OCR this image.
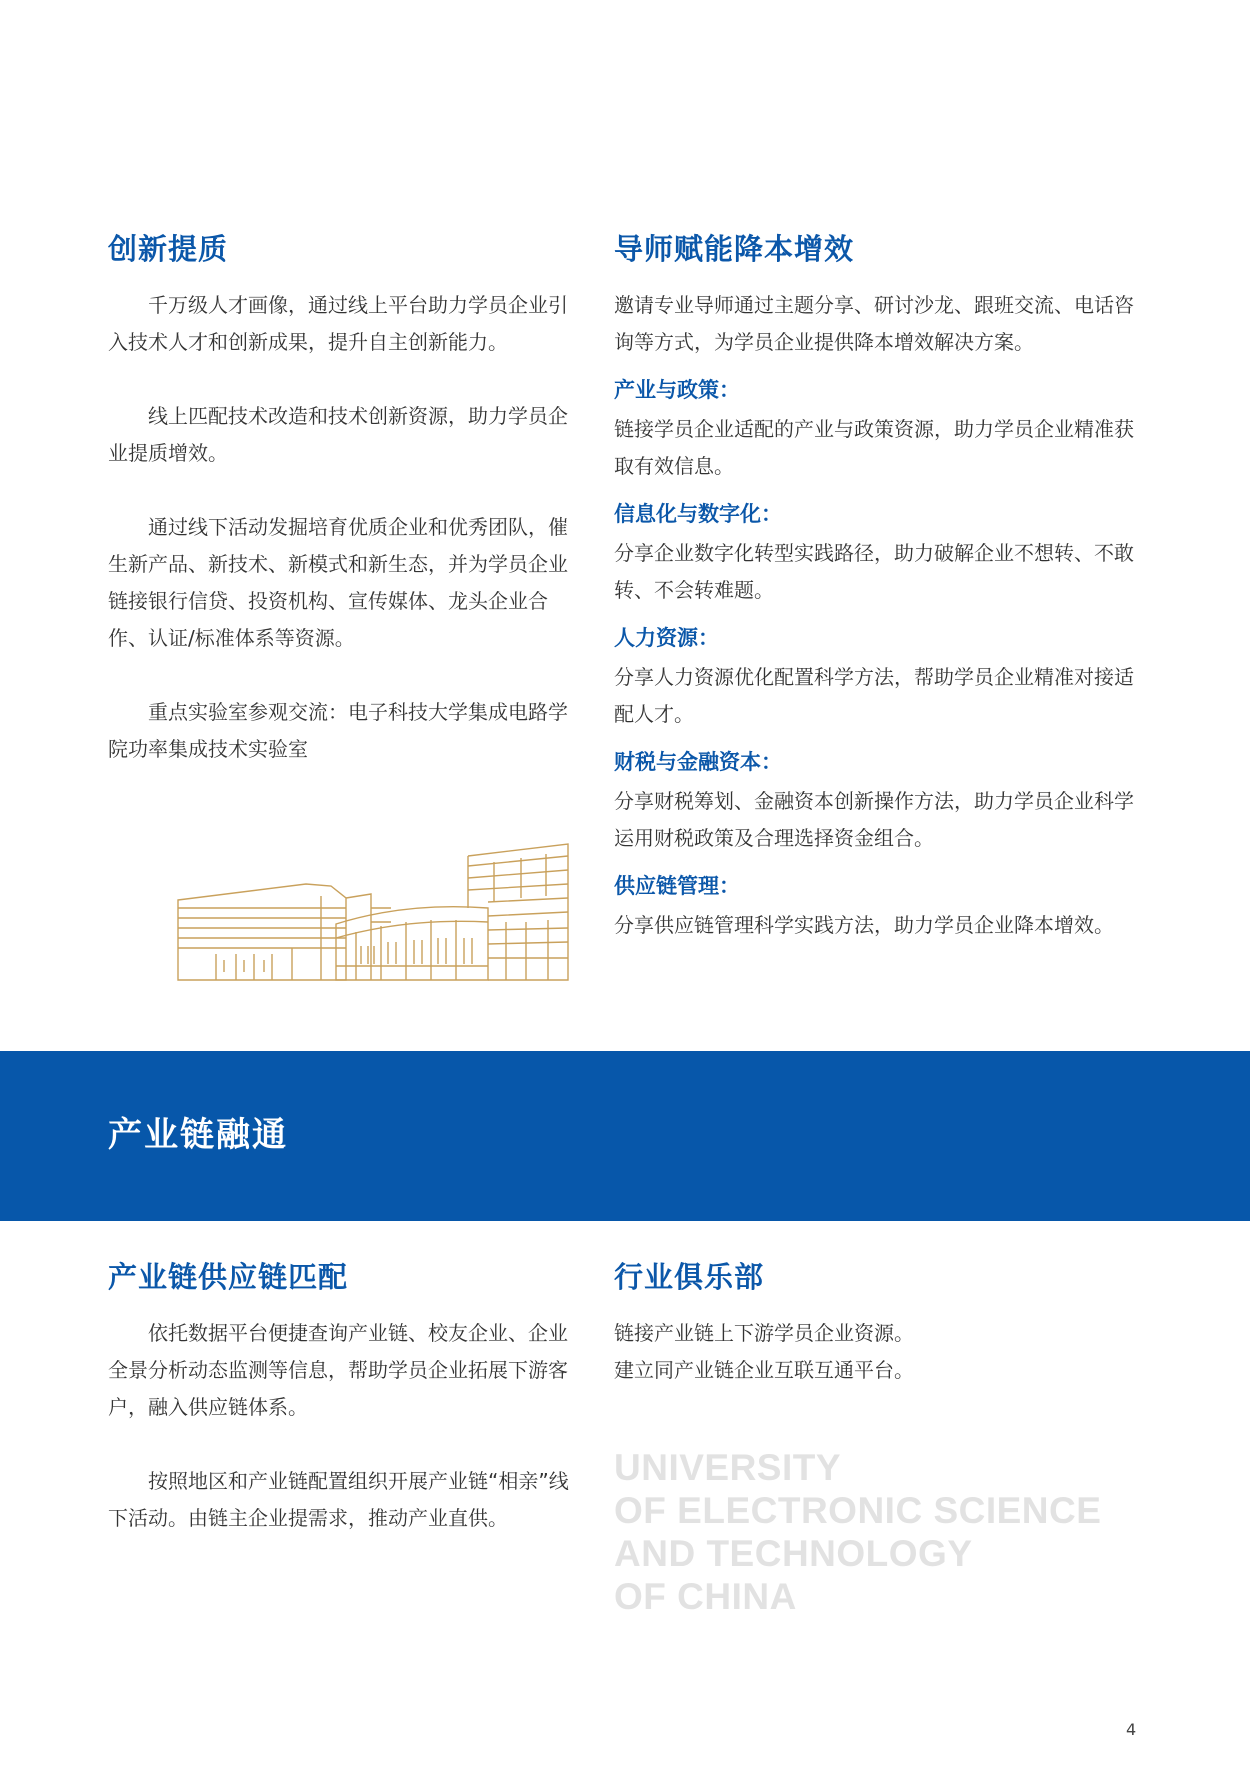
创新提质

千万级人才画像，通过线上平台助力学员企业引入技术人才和创新成果，提升自主创新能力。

线上匹配技术改造和技术创新资源，助力学员企业提质增效。

通过线下活动发掘培育优质企业和优秀团队，催生新产品、新技术、新模式和新生态，并为学员企业链接银行信贷、投资机构、宣传媒体、龙头企业合作、认证/标准体系等资源。

重点实验室参观交流：电子科技大学集成电路学院功率集成技术实验室

导师赋能降本增效

邀请专业导师通过主题分享、研讨沙龙、跟班交流、电话咨询等方式，为学员企业提供降本增效解决方案。

产业与政策：

链接学员企业适配的产业与政策资源，助力学员企业精准获取有效信息。

信息化与数字化：

分享企业数字化转型实践路径，助力破解企业不想转、不敢转、不会转难题。

人力资源：

分享人力资源优化配置科学方法，帮助学员企业精准对接适配人才。

财税与金融资本：

分享财税筹划、金融资本创新操作方法，助力学员企业科学运用财税政策及合理选择资金组合。

供应链管理：

分享供应链管理科学实践方法，助力学员企业降本增效。

产业链融通
产业链供应链匹配

依托数据平台便捷查询产业链、校友企业、企业全景分析动态监测等信息，帮助学员企业拓展下游客户，融入供应链体系。

按照地区和产业链配置组织开展产业链“相亲”线下活动。由链主企业提需求，推动产业直供。

行业俱乐部

链接产业链上下游学员企业资源。

建立同产业链企业互联互通平台。

UNIVERSITY
OF ELECTRONIC SCIENCE
AND TECHNOLOGY
OF CHINA
4
